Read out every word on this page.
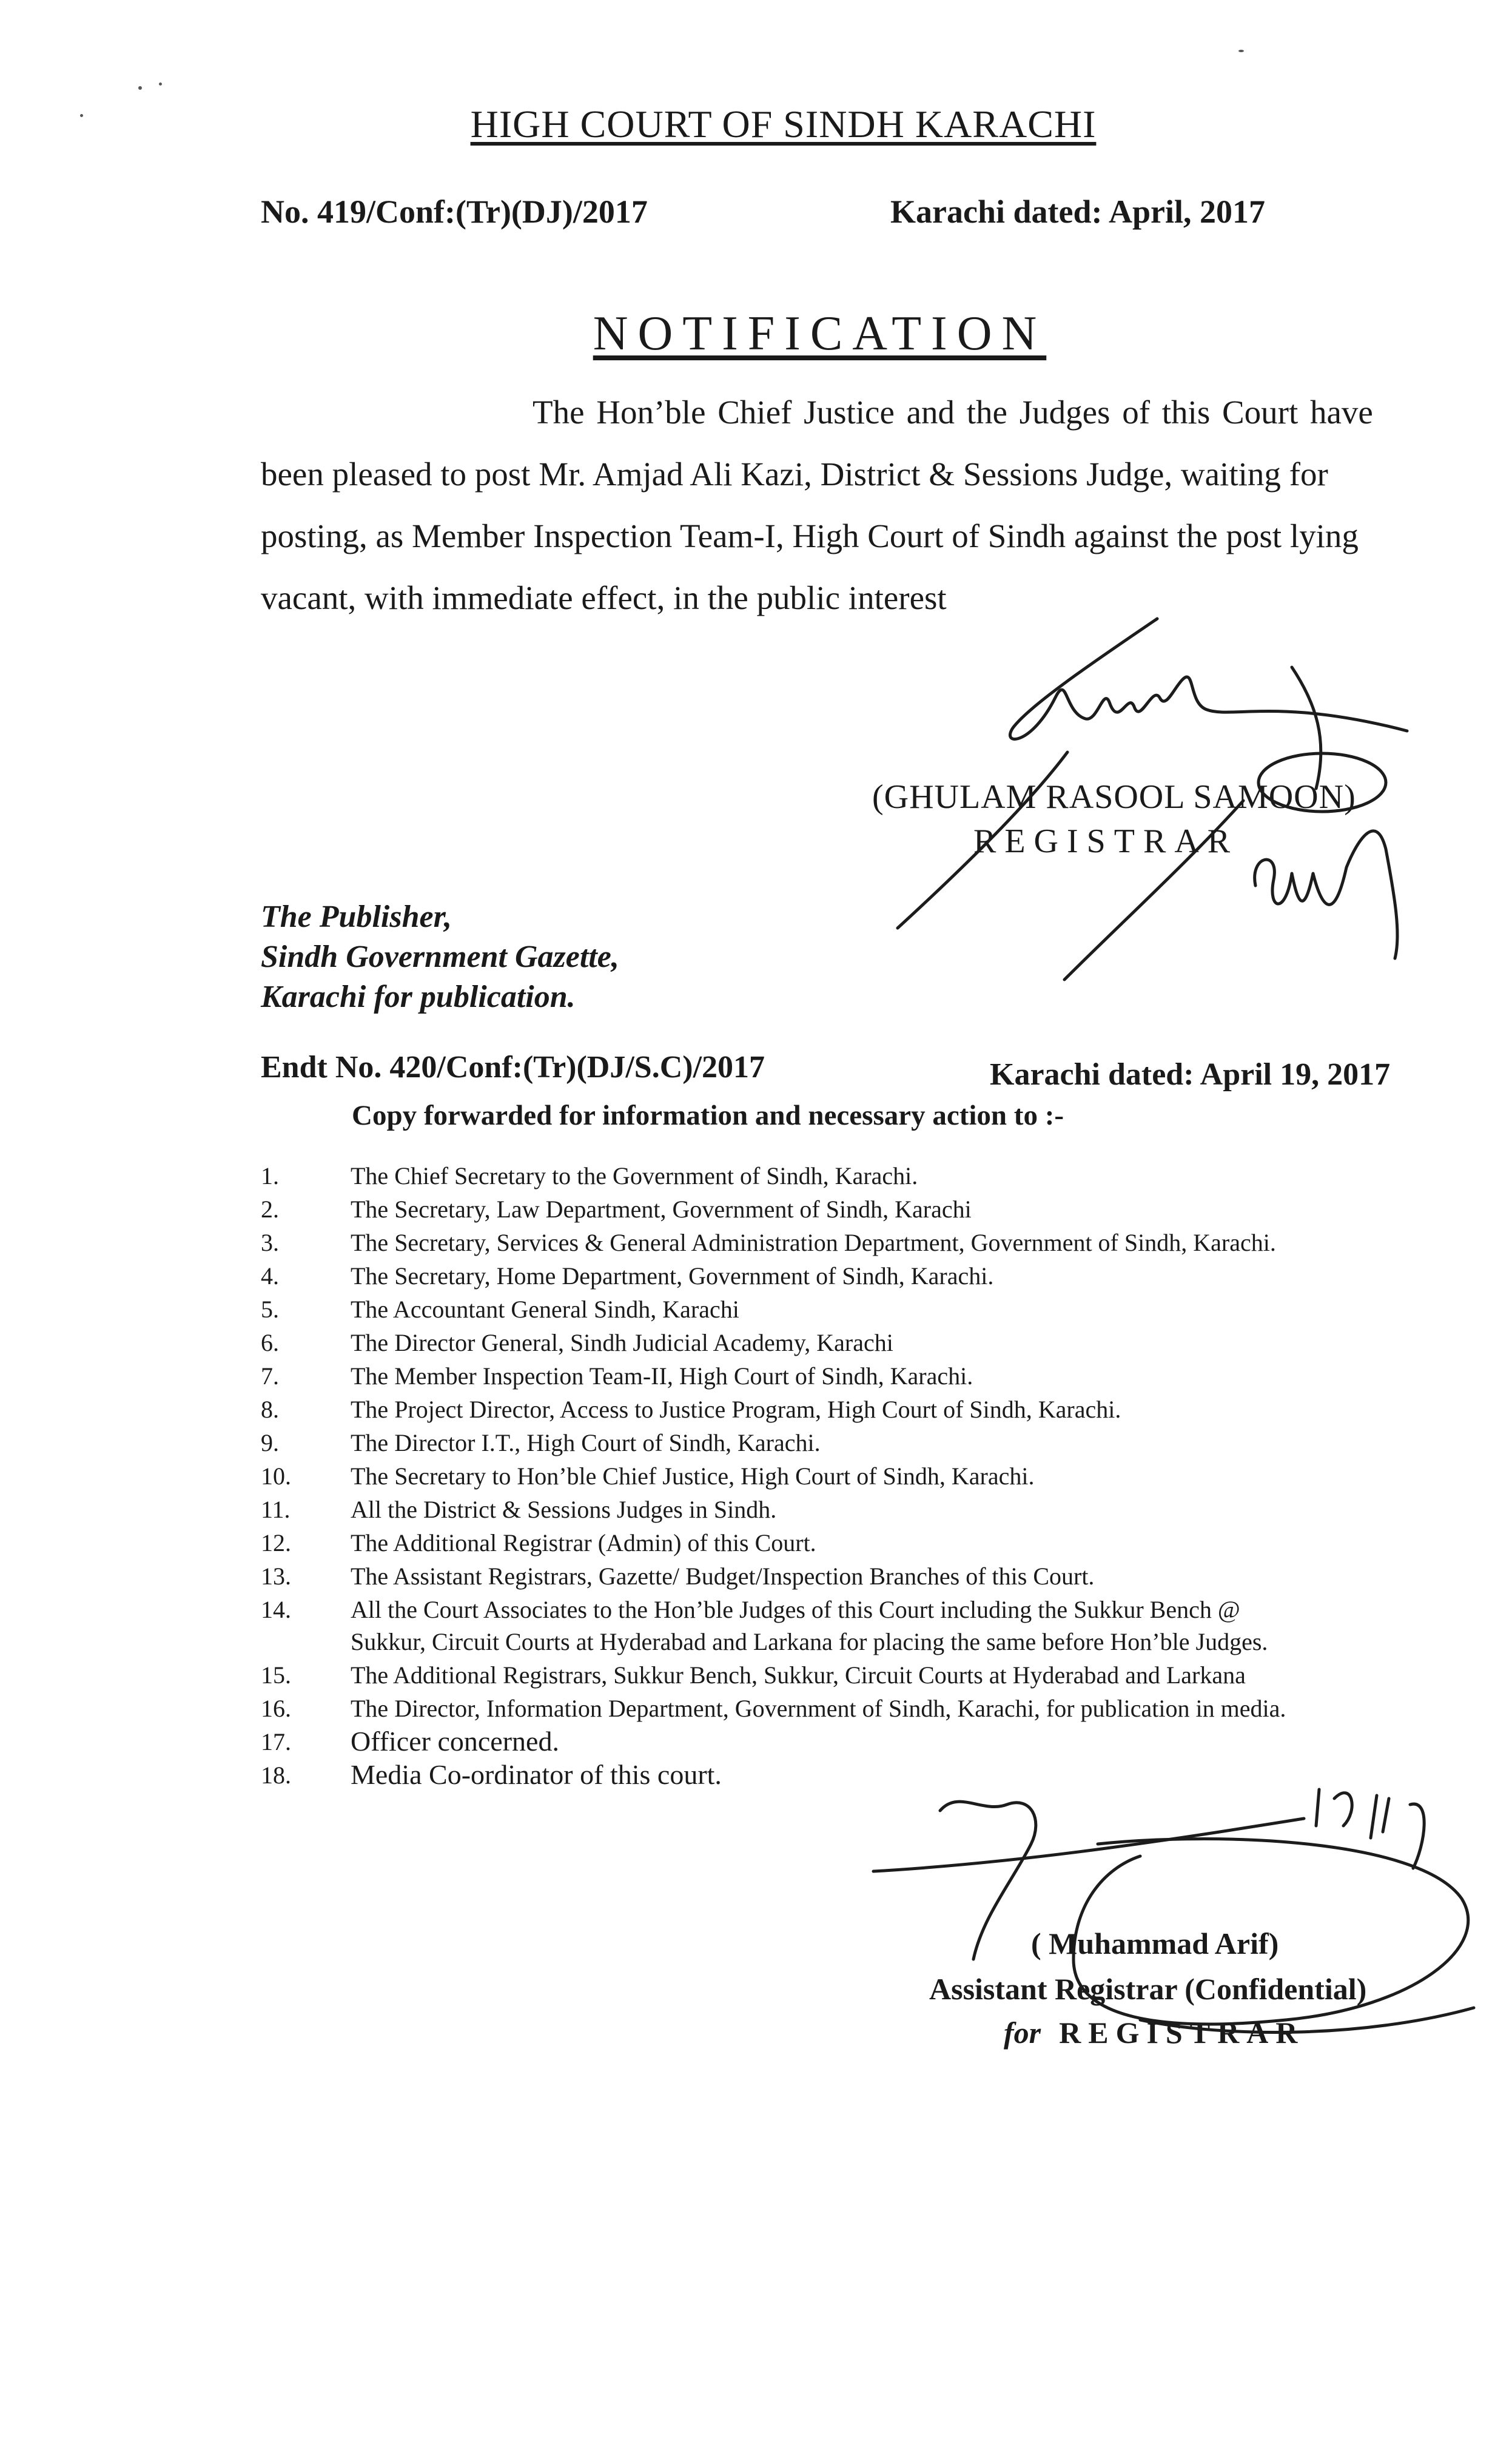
HIGH COURT OF SINDH KARACHI
No. 419/Conf:(Tr)(DJ)/2017	Karachi dated: April, 2017
NOTIFICATION
The Hon’ble Chief Justice and the Judges of this Court have
been pleased to post Mr. Amjad Ali Kazi, District & Sessions Judge, waiting for
posting, as Member Inspection Team-I, High Court of Sindh against the post lying
vacant, with immediate effect, in the public interest
(GHULAM RASOOL SAMOON)
REGISTRAR
The Publisher,
Sindh Government Gazette,
Karachi for publication.
Endt No. 420/Conf:(Tr)(DJ/S.C)/2017	Karachi dated: April 19, 2017
Copy forwarded for information and necessary action to :-
1.	The Chief Secretary to the Government of Sindh, Karachi.
2.	The Secretary, Law Department, Government of Sindh, Karachi
3.	The Secretary, Services & General Administration Department, Government of Sindh, Karachi.
4.	The Secretary, Home Department, Government of Sindh, Karachi.
5.	The Accountant General Sindh, Karachi
6.	The Director General, Sindh Judicial Academy, Karachi
7.	The Member Inspection Team-II, High Court of Sindh, Karachi.
8.	The Project Director, Access to Justice Program, High Court of Sindh, Karachi.
9.	The Director I.T., High Court of Sindh, Karachi.
10. The Secretary to Hon’ble Chief Justice, High Court of Sindh, Karachi.
11. All the District & Sessions Judges in Sindh.
12. The Additional Registrar (Admin) of this Court.
13. The Assistant Registrars, Gazette/ Budget/Inspection Branches of this Court.
14. All the Court Associates to the Hon’ble Judges of this Court including the Sukkur Bench @
Sukkur, Circuit Courts at Hyderabad and Larkana for placing the same before Hon’ble Judges.
15. The Additional Registrars, Sukkur Bench, Sukkur, Circuit Courts at Hyderabad and Larkana
16. The Director, Information Department, Government of Sindh, Karachi, for publication in media.
17. Officer concerned.
18. Media Co-ordinator of this court.
( Muhammad Arif)
Assistant Registrar (Confidential)
for REGISTRAR
